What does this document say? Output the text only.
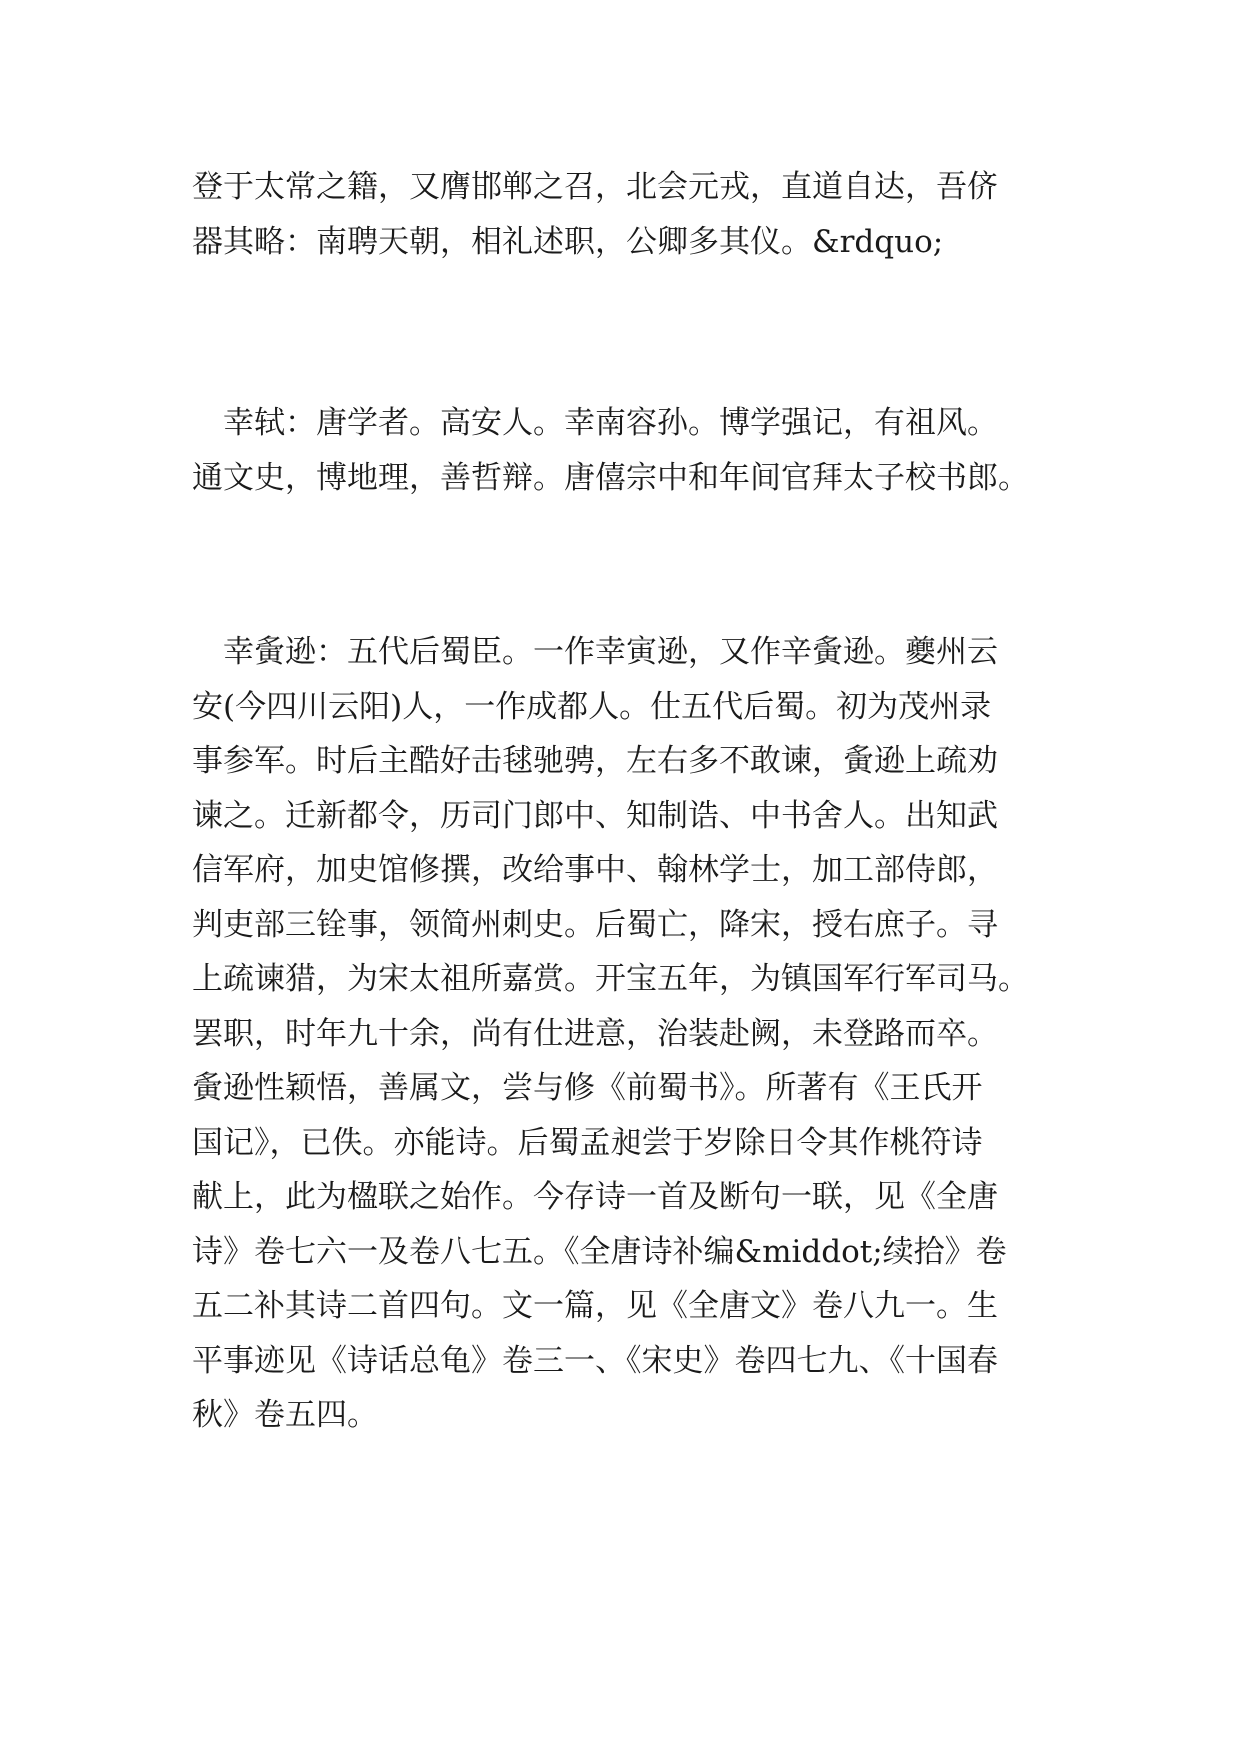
登于太常之籍，又膺邯郸之召，北会元戎，直道自达，吾侪
器其略：南聘天朝，相礼述职，公卿多其仪。&rdquo;
　幸轼：唐学者。高安人。幸南容孙。博学强记，有祖风。
通文史，博地理，善哲辩。唐僖宗中和年间官拜太子校书郎。
　幸夤逊：五代后蜀臣。一作幸寅逊，又作辛夤逊。夔州云
安(今四川云阳)人，一作成都人。仕五代后蜀。初为茂州录
事参军。时后主酷好击毬驰骋，左右多不敢谏，夤逊上疏劝
谏之。迁新都令，历司门郎中、知制诰、中书舍人。出知武
信军府，加史馆修撰，改给事中、翰林学士，加工部侍郎，
判吏部三铨事，领简州刺史。后蜀亡，降宋，授右庶子。寻
上疏谏猎，为宋太祖所嘉赏。开宝五年，为镇国军行军司马。
罢职，时年九十余，尚有仕进意，治装赴阙，未登路而卒。
夤逊性颖悟，善属文，尝与修《前蜀书》。所著有《王氏开
国记》，已佚。亦能诗。后蜀孟昶尝于岁除日令其作桃符诗
献上，此为楹联之始作。今存诗一首及断句一联，见《全唐
诗》卷七六一及卷八七五。《全唐诗补编&middot;续拾》卷
五二补其诗二首四句。文一篇，见《全唐文》卷八九一。生
平事迹见《诗话总龟》卷三一、《宋史》卷四七九、《十国春
秋》卷五四。
